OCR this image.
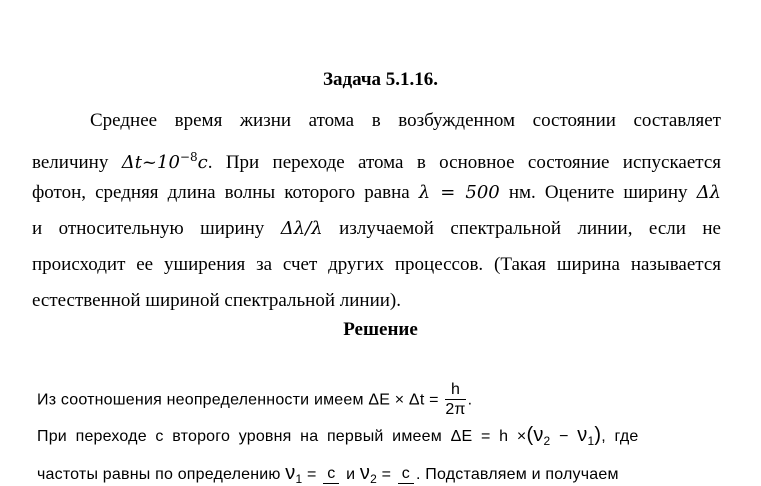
Задача 5.1.16.
Среднее время жизни атома в возбужденном состоянии составляет
величину $\Delta t\sim 10^{-8}c$. При переходе атома в основное состояние испускается
фотон, средняя длина волны которого равна λ = 500 нм. Оцените ширину Δλ
и относительную ширину Δλ/λ излучаемой спектральной линии, если не
происходит ее уширения за счет других процессов. (Такая ширина называется
естественной шириной спектральной линии).
Решение
Из соотношения неопределенности имеем $\Delta E \times \Delta t = \frac{h}{2\pi}$ .
При переходе с второго уровня на первый имеем $\Delta E = h \times(\nu_2 - \nu_1)$, где
частоты равны по определению $\nu_1 = c$ и $\nu_2 = c$ . Подставляем и получаем
